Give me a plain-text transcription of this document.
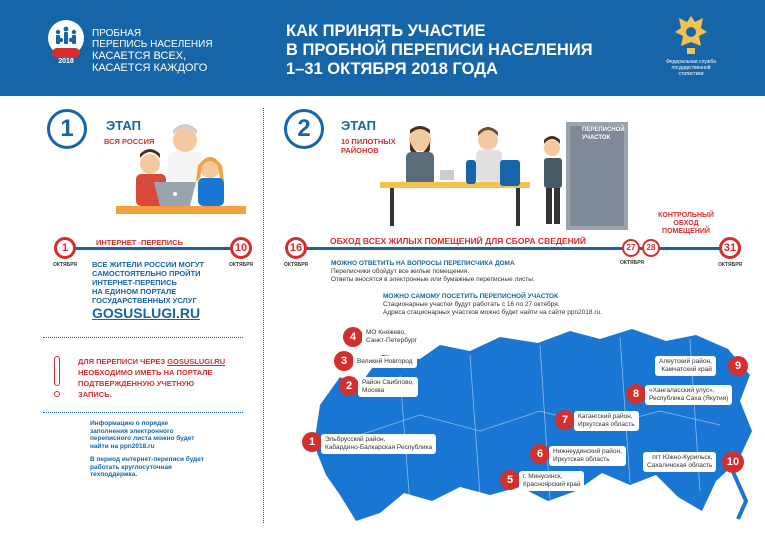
2018
ПРОБНАЯ
ПЕРЕПИСЬ НАСЕЛЕНИЯ
КАСАЕТСЯ ВСЕХ,
КАСАЕТСЯ КАЖДОГО
КАК ПРИНЯТЬ УЧАСТИЕ
В ПРОБНОЙ ПЕРЕПИСИ НАСЕЛЕНИЯ
1–31 ОКТЯБРЯ 2018 ГОДА	Федеральная служба
государственной
статистики
1	ЭТАП
ВСЯ РОССИЯ
ИНТЕРНЕТ -ПЕРЕПИСЬ
1
ОКТЯБРЯ
10
ОКТЯБРЯ
ВСЕ ЖИТЕЛИ РОССИИ МОГУТ
САМОСТОЯТЕЛЬНО ПРОЙТИ
ИНТЕРНЕТ-ПЕРЕПИСЬ
НА ЕДИНОМ ПОРТАЛЕ
ГОСУДАРСТВЕННЫХ УСЛУГ
GOSUSLUGI.RU
ДЛЯ ПЕРЕПИСИ ЧЕРЕЗ GOSUSLUGI.RU
НЕОБХОДИМО ИМЕТЬ НА ПОРТАЛЕ
ПОДТВЕРЖДЕННУЮ УЧЕТНУЮ
ЗАПИСЬ.
Информацию о порядке
заполнения электронного
переписного листа можно будет
найти на ppn2018.ru
В период интернет-переписи будет
работать круглосуточная
техподдержка.
2	ЭТАП
10 ПИЛОТНЫХ
РАЙОНОВ
ПЕРЕПИСНОЙ
УЧАСТОК
КОНТРОЛЬНЫЙ
ОБХОД
ПОМЕЩЕНИЙ
ОБХОД ВСЕХ ЖИЛЫХ ПОМЕЩЕНИЙ ДЛЯ СБОРА СВЕДЕНИЙ
16
ОКТЯБРЯ
27
ОКТЯБРЯ
28	31
ОКТЯБРЯ
МОЖНО ОТВЕТИТЬ НА ВОПРОСЫ ПЕРЕПИСЧИКА ДОМА
Переписчики обойдут все жилые помещения.
Ответы вносятся в электронные или бумажные переписные листы.
МОЖНО САМОМУ ПОСЕТИТЬ ПЕРЕПИСНОЙ УЧАСТОК
Стационарные участки будут работать с 16 по 27 октября.
Адреса стационарных участков можно будет найти на сайте ppn2018.ru.
4	МО Княжево,
Санкт-Петербург
3	Великий Новгород
2	Район Свиблово,
Москва
1	Эльбрусский район,
Кабардино-Балкарская Республика
5	г. Минусинск,
Красноярский край
6	Нижнеудинский район,
Иркутская область
7	Катангский район,
Иркутская область
8	«Хангаласский улус»,
Республика Саха (Якутия)
9
Алеутский район,
Камчатский край
10
пгт Южно-Курильск,
Сахалинская область
